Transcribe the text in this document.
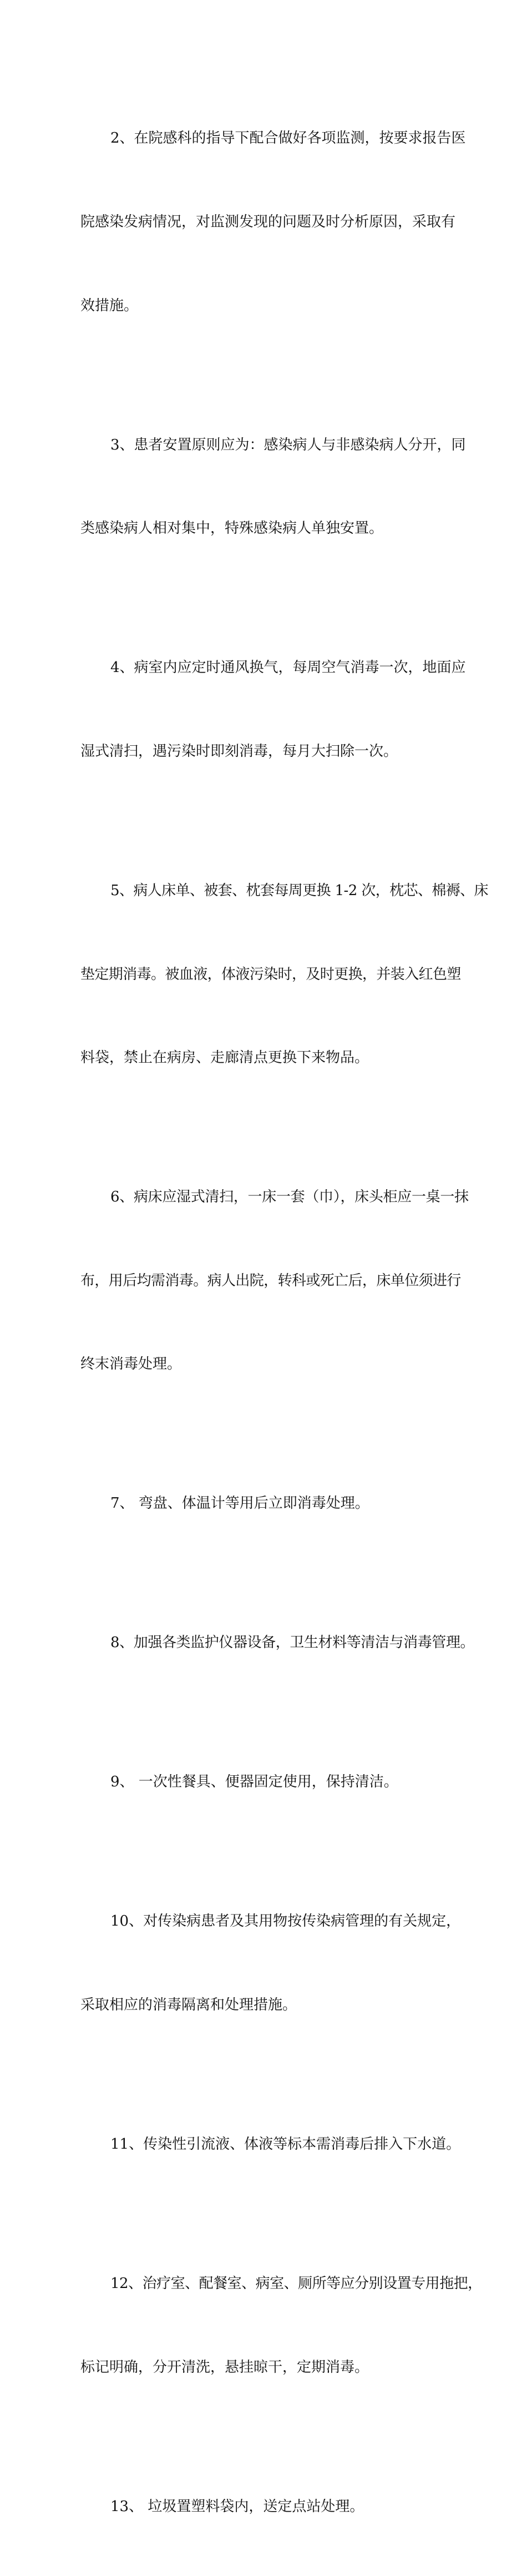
2、在院感科的指导下配合做好各项监测，按要求报告医

院感染发病情况，对监测发现的问题及时分析原因，采取有

效措施。

3、患者安置原则应为：感染病人与非感染病人分开，同

类感染病人相对集中，特殊感染病人单独安置。

4、病室内应定时通风换气，每周空气消毒一次，地面应

湿式清扫，遇污染时即刻消毒，每月大扫除一次。

5、病人床单、被套、枕套每周更换 1-2 次，枕芯、棉褥、床

垫定期消毒。被血液，体液污染时，及时更换，并装入红色塑

料袋，禁止在病房、走廊清点更换下来物品。

6、病床应湿式清扫，一床一套（巾），床头柜应一桌一抹

布，用后均需消毒。病人出院，转科或死亡后，床单位须进行

终末消毒处理。

7、 弯盘、体温计等用后立即消毒处理。

8、加强各类监护仪器设备，卫生材料等清洁与消毒管理。

9、 一次性餐具、便器固定使用，保持清洁。

10、对传染病患者及其用物按传染病管理的有关规定，

采取相应的消毒隔离和处理措施。

11、传染性引流液、体液等标本需消毒后排入下水道。

12、治疗室、配餐室、病室、厕所等应分别设置专用拖把，

标记明确，分开清洗，悬挂晾干，定期消毒。

13、 垃圾置塑料袋内，送定点站处理。
